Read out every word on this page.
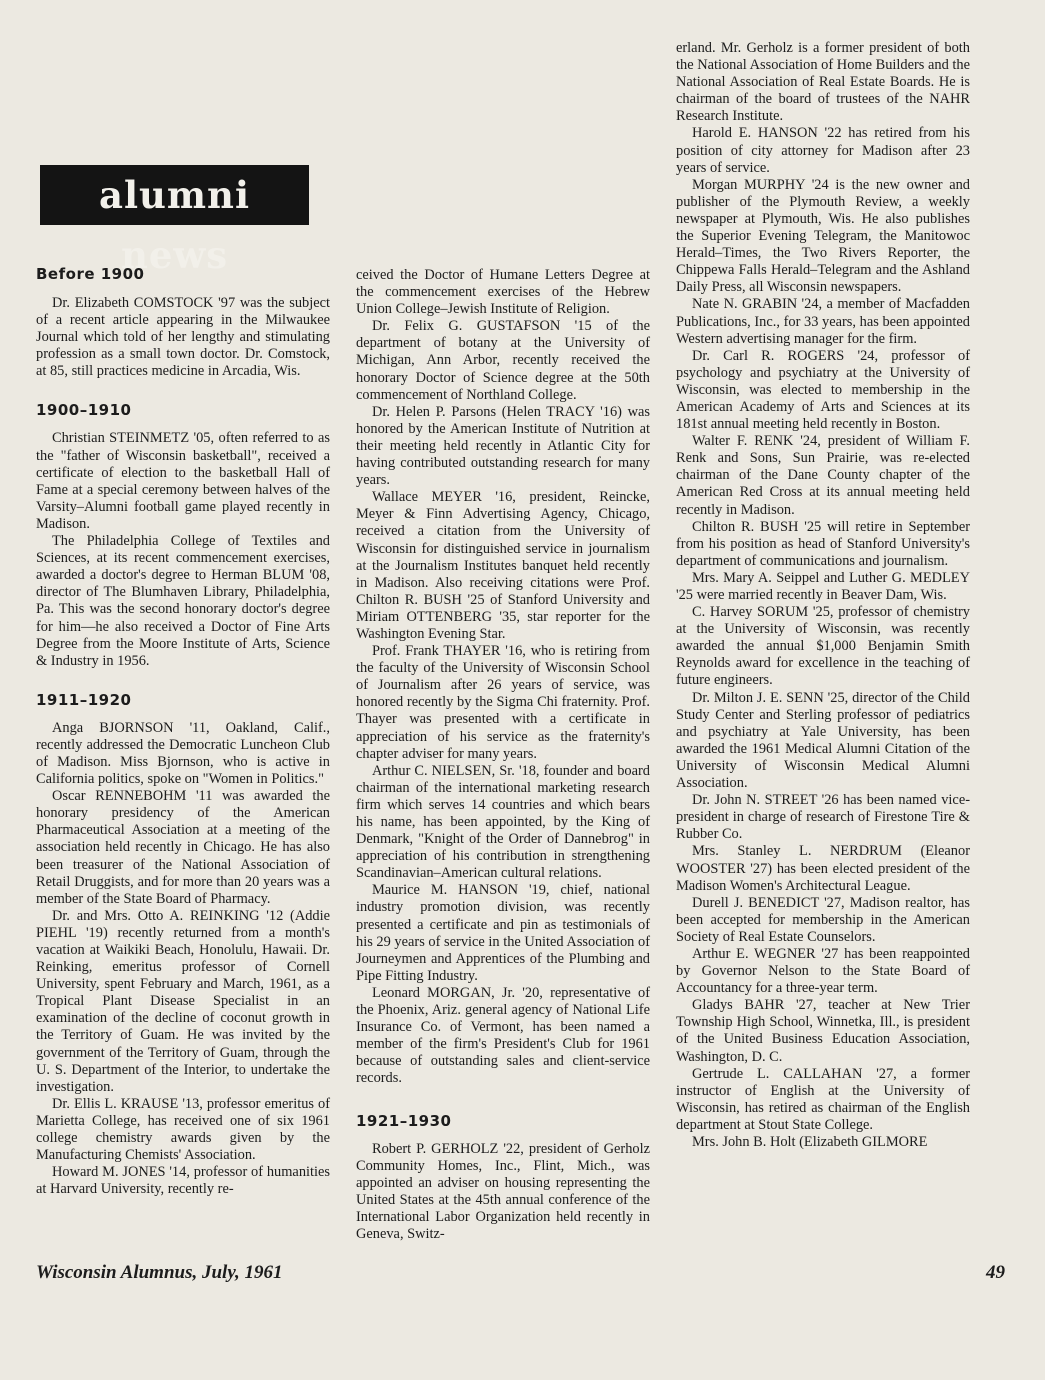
alumni news
Before 1900

Dr. Elizabeth COMSTOCK '97 was the subject of a recent article appearing in the Milwaukee Journal which told of her lengthy and stimulating profession as a small town doctor. Dr. Comstock, at 85, still practices medicine in Arcadia, Wis.

1900–1910

Christian STEINMETZ '05, often referred to as the "father of Wisconsin basketball", received a certificate of election to the basketball Hall of Fame at a special ceremony between halves of the Varsity–Alumni football game played recently in Madison.

The Philadelphia College of Textiles and Sciences, at its recent commencement exercises, awarded a doctor's degree to Herman BLUM '08, director of The Blumhaven Library, Philadelphia, Pa. This was the second honorary doctor's degree for him—he also received a Doctor of Fine Arts Degree from the Moore Institute of Arts, Science & Industry in 1956.

1911–1920

Anga BJORNSON '11, Oakland, Calif., recently addressed the Democratic Luncheon Club of Madison. Miss Bjornson, who is active in California politics, spoke on "Women in Politics."

Oscar RENNEBOHM '11 was awarded the honorary presidency of the American Pharmaceutical Association at a meeting of the association held recently in Chicago. He has also been treasurer of the National Association of Retail Druggists, and for more than 20 years was a member of the State Board of Pharmacy.

Dr. and Mrs. Otto A. REINKING '12 (Addie PIEHL '19) recently returned from a month's vacation at Waikiki Beach, Honolulu, Hawaii. Dr. Reinking, emeritus professor of Cornell University, spent February and March, 1961, as a Tropical Plant Disease Specialist in an examination of the decline of coconut growth in the Territory of Guam. He was invited by the government of the Territory of Guam, through the U. S. Department of the Interior, to undertake the investigation.

Dr. Ellis L. KRAUSE '13, professor emeritus of Marietta College, has received one of six 1961 college chemistry awards given by the Manufacturing Chemists' Association.

Howard M. JONES '14, professor of humanities at Harvard University, recently re-

ceived the Doctor of Humane Letters Degree at the commencement exercises of the Hebrew Union College–Jewish Institute of Religion.

Dr. Felix G. GUSTAFSON '15 of the department of botany at the University of Michigan, Ann Arbor, recently received the honorary Doctor of Science degree at the 50th commencement of Northland College.

Dr. Helen P. Parsons (Helen TRACY '16) was honored by the American Institute of Nutrition at their meeting held recently in Atlantic City for having contributed outstanding research for many years.

Wallace MEYER '16, president, Reincke, Meyer & Finn Advertising Agency, Chicago, received a citation from the University of Wisconsin for distinguished service in journalism at the Journalism Institutes banquet held recently in Madison. Also receiving citations were Prof. Chilton R. BUSH '25 of Stanford University and Miriam OTTENBERG '35, star reporter for the Washington Evening Star.

Prof. Frank THAYER '16, who is retiring from the faculty of the University of Wisconsin School of Journalism after 26 years of service, was honored recently by the Sigma Chi fraternity. Prof. Thayer was presented with a certificate in appreciation of his service as the fraternity's chapter adviser for many years.

Arthur C. NIELSEN, Sr. '18, founder and board chairman of the international marketing research firm which serves 14 countries and which bears his name, has been appointed, by the King of Denmark, "Knight of the Order of Dannebrog" in appreciation of his contribution in strengthening Scandinavian–American cultural relations.

Maurice M. HANSON '19, chief, national industry promotion division, was recently presented a certificate and pin as testimonials of his 29 years of service in the United Association of Journeymen and Apprentices of the Plumbing and Pipe Fitting Industry.

Leonard MORGAN, Jr. '20, representative of the Phoenix, Ariz. general agency of National Life Insurance Co. of Vermont, has been named a member of the firm's President's Club for 1961 because of outstanding sales and client-service records.

1921–1930

Robert P. GERHOLZ '22, president of Gerholz Community Homes, Inc., Flint, Mich., was appointed an adviser on housing representing the United States at the 45th annual conference of the International Labor Organization held recently in Geneva, Switz-

erland. Mr. Gerholz is a former president of both the National Association of Home Builders and the National Association of Real Estate Boards. He is chairman of the board of trustees of the NAHR Research Institute.

Harold E. HANSON '22 has retired from his position of city attorney for Madison after 23 years of service.

Morgan MURPHY '24 is the new owner and publisher of the Plymouth Review, a weekly newspaper at Plymouth, Wis. He also publishes the Superior Evening Telegram, the Manitowoc Herald–Times, the Two Rivers Reporter, the Chippewa Falls Herald–Telegram and the Ashland Daily Press, all Wisconsin newspapers.

Nate N. GRABIN '24, a member of Macfadden Publications, Inc., for 33 years, has been appointed Western advertising manager for the firm.

Dr. Carl R. ROGERS '24, professor of psychology and psychiatry at the University of Wisconsin, was elected to membership in the American Academy of Arts and Sciences at its 181st annual meeting held recently in Boston.

Walter F. RENK '24, president of William F. Renk and Sons, Sun Prairie, was re-elected chairman of the Dane County chapter of the American Red Cross at its annual meeting held recently in Madison.

Chilton R. BUSH '25 will retire in September from his position as head of Stanford University's department of communications and journalism.

Mrs. Mary A. Seippel and Luther G. MEDLEY '25 were married recently in Beaver Dam, Wis.

C. Harvey SORUM '25, professor of chemistry at the University of Wisconsin, was recently awarded the annual $1,000 Benjamin Smith Reynolds award for excellence in the teaching of future engineers.

Dr. Milton J. E. SENN '25, director of the Child Study Center and Sterling professor of pediatrics and psychiatry at Yale University, has been awarded the 1961 Medical Alumni Citation of the University of Wisconsin Medical Alumni Association.

Dr. John N. STREET '26 has been named vice-president in charge of research of Firestone Tire & Rubber Co.

Mrs. Stanley L. NERDRUM (Eleanor WOOSTER '27) has been elected president of the Madison Women's Architectural League.

Durell J. BENEDICT '27, Madison realtor, has been accepted for membership in the American Society of Real Estate Counselors.

Arthur E. WEGNER '27 has been reappointed by Governor Nelson to the State Board of Accountancy for a three-year term.

Gladys BAHR '27, teacher at New Trier Township High School, Winnetka, Ill., is president of the United Business Education Association, Washington, D. C.

Gertrude L. CALLAHAN '27, a former instructor of English at the University of Wisconsin, has retired as chairman of the English department at Stout State College.

Mrs. John B. Holt (Elizabeth GILMORE

Wisconsin Alumnus, July, 1961	49
